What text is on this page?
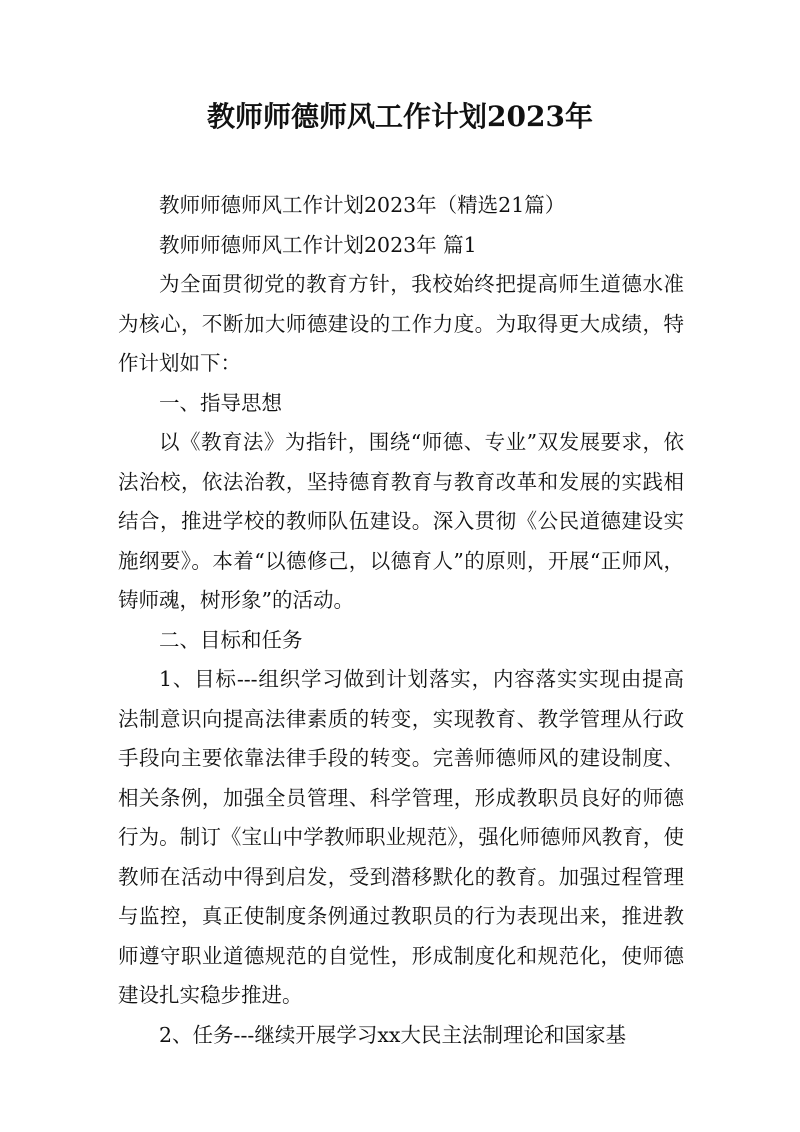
教师师德师风工作计划2023年

教师师德师风工作计划2023年（精选21篇）

教师师德师风工作计划2023年 篇1

为全面贯彻党的教育方针，我校始终把提高师生道德水准为核心，不断加大师德建设的工作力度。为取得更大成绩，特作计划如下：

一、指导思想

以《教育法》为指针，围绕“师德、专业”双发展要求，依法治校，依法治教，坚持德育教育与教育改革和发展的实践相结合，推进学校的教师队伍建设。深入贯彻《公民道德建设实施纲要》。本着“以德修己，以德育人”的原则，开展“正师风，铸师魂，树形象”的活动。

二、目标和任务

1、目标---组织学习做到计划落实，内容落实实现由提高法制意识向提高法律素质的转变，实现教育、教学管理从行政手段向主要依靠法律手段的转变。完善师德师风的建设制度、相关条例，加强全员管理、科学管理，形成教职员良好的师德行为。制订《宝山中学教师职业规范》，强化师德师风教育，使教师在活动中得到启发，受到潜移默化的教育。加强过程管理与监控，真正使制度条例通过教职员的行为表现出来，推进教师遵守职业道德规范的自觉性，形成制度化和规范化，使师德建设扎实稳步推进。

2、任务---继续开展学习xx大民主法制理论和国家基
